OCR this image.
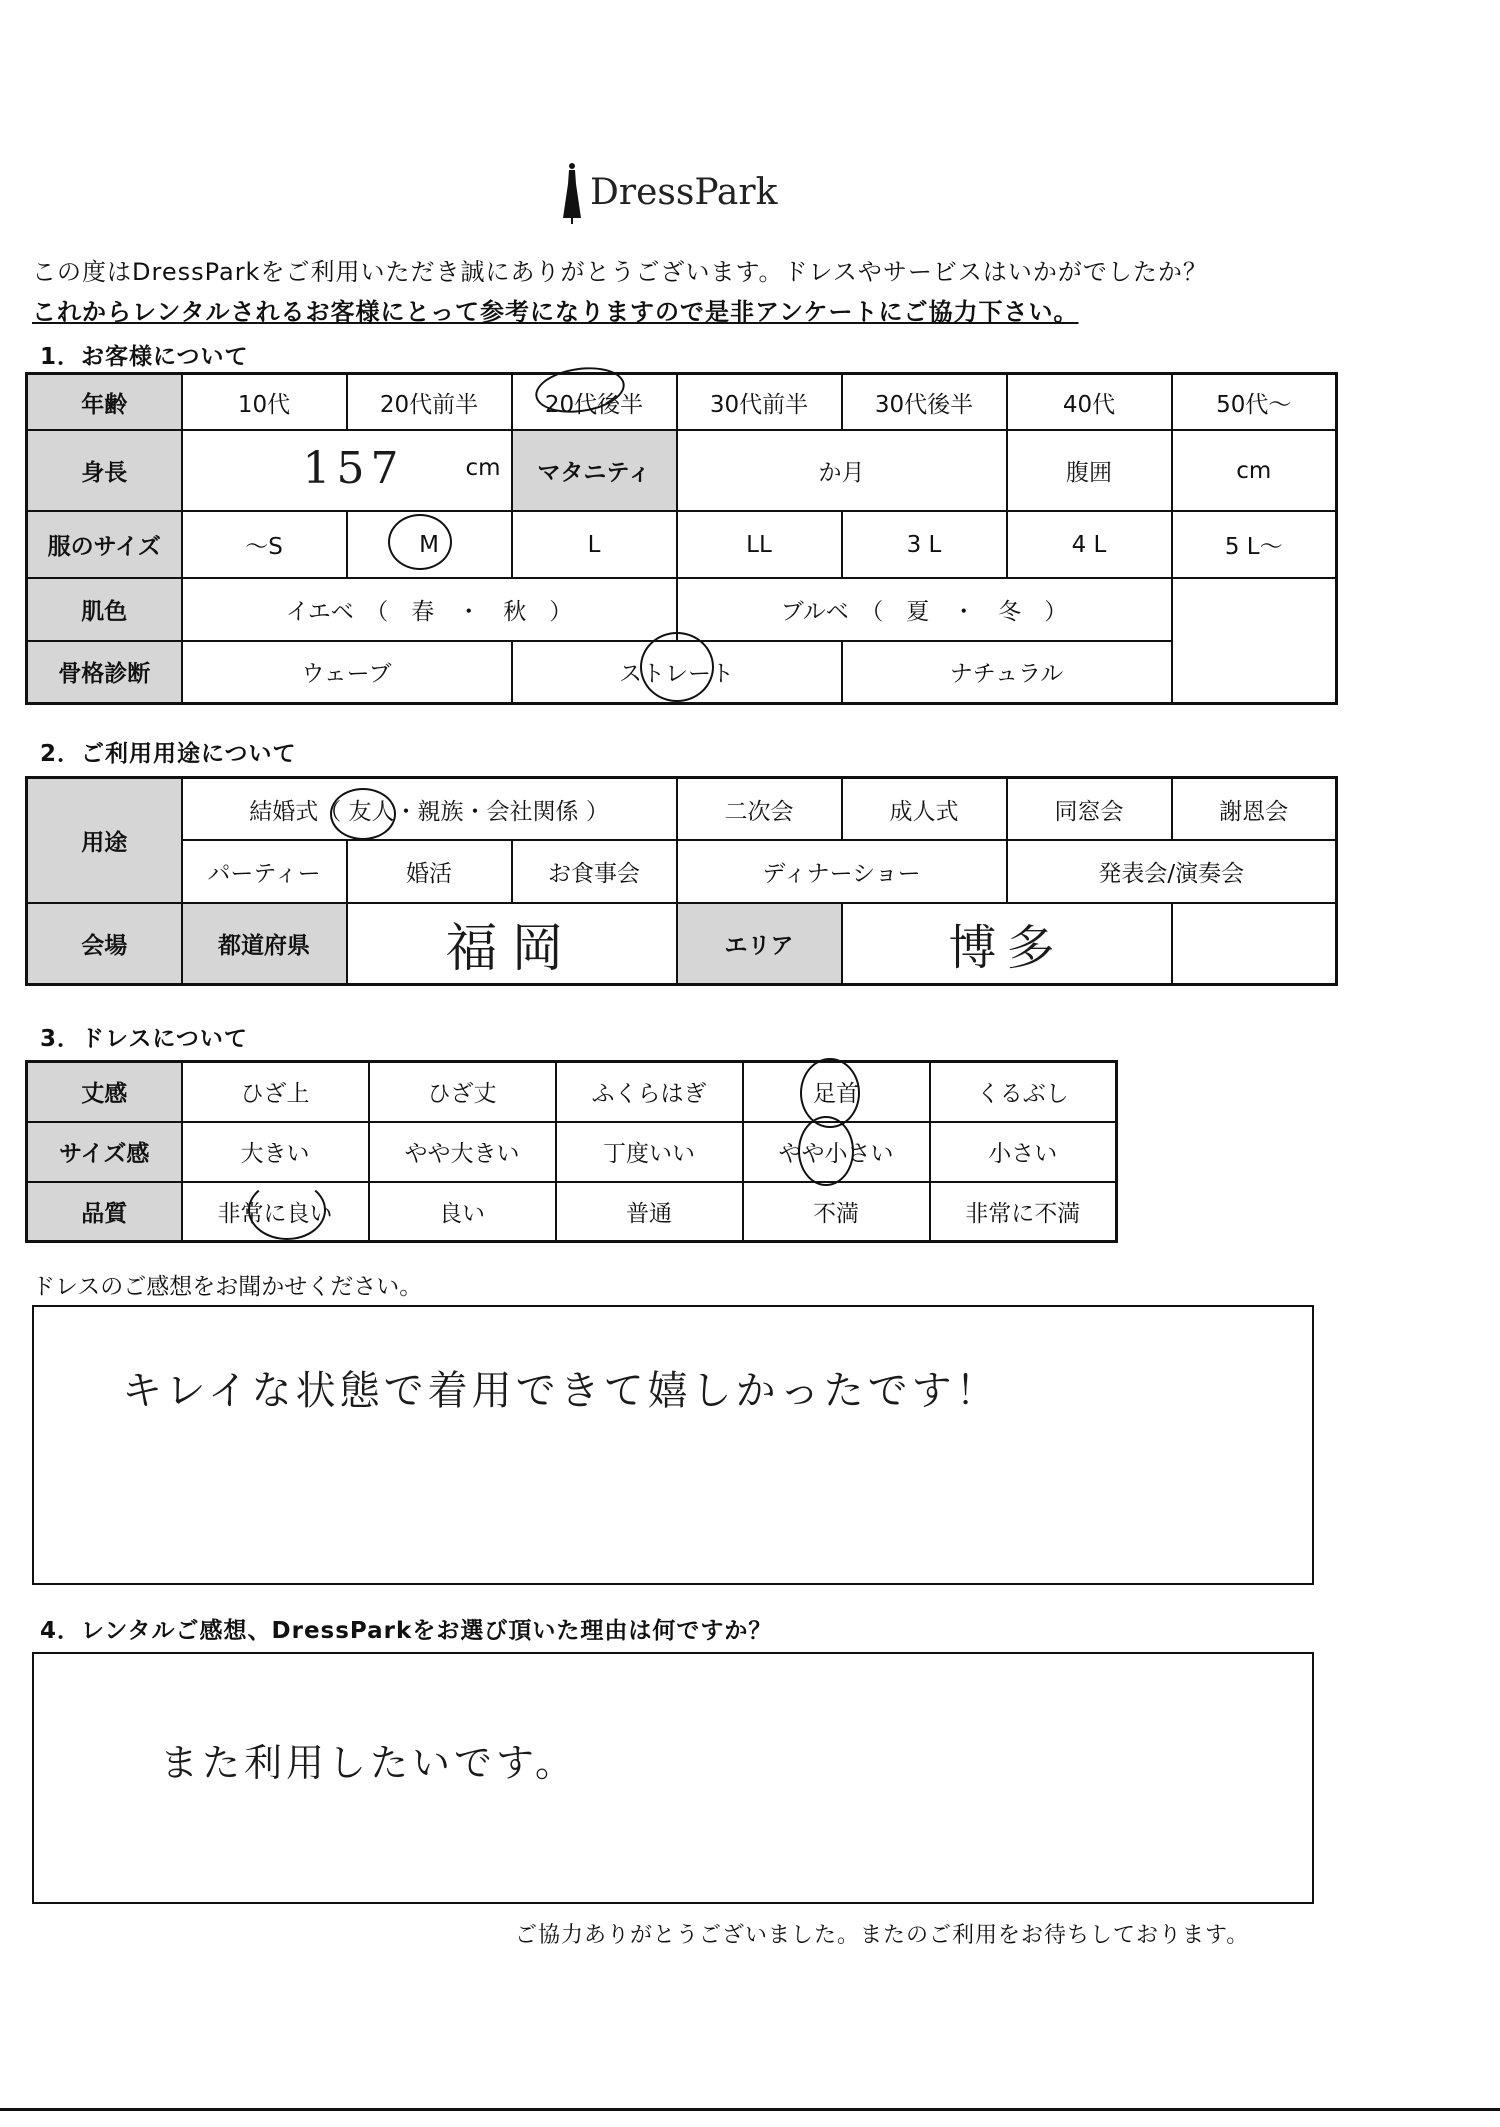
DressPark
この度はDressParkをご利用いただき誠にありがとうございます。ドレスやサービスはいかがでしたか？
これからレンタルされるお客様にとって参考になりますので是非アンケートにご協力下さい。
1．お客様について
年齢	10代	20代前半	20代後半	30代前半	30代後半	40代	50代～
身長	157 cm		マタニティ	か月		腹囲	cm
服のサイズ	～S	M	L	LL	3 L	4 L	5 L～
肌色	イエベ　（　春　・　秋　）			ブルベ　（　夏　・　冬　）			
骨格診断	ウェーブ		ストレート		ナチュラル		
2．ご利用用途について
用途	結婚式（ 友人・親族・会社関係 ）			二次会	成人式	同窓会	謝恩会
	パーティー	婚活	お食事会	ディナーショー		発表会/演奏会	
会場	都道府県	福岡		エリア	博多		
3．ドレスについて
丈感	ひざ上	ひざ丈	ふくらはぎ	足首	くるぶし
サイズ感	大きい	やや大きい	丁度いい	やや小さい	小さい
品質	非常に良い	良い	普通	不満	非常に不満
ドレスのご感想をお聞かせください。
キレイな状態で着用できて嬉しかったです！
4．レンタルご感想、DressParkをお選び頂いた理由は何ですか？
また利用したいです。
ご協力ありがとうございました。またのご利用をお待ちしております。
